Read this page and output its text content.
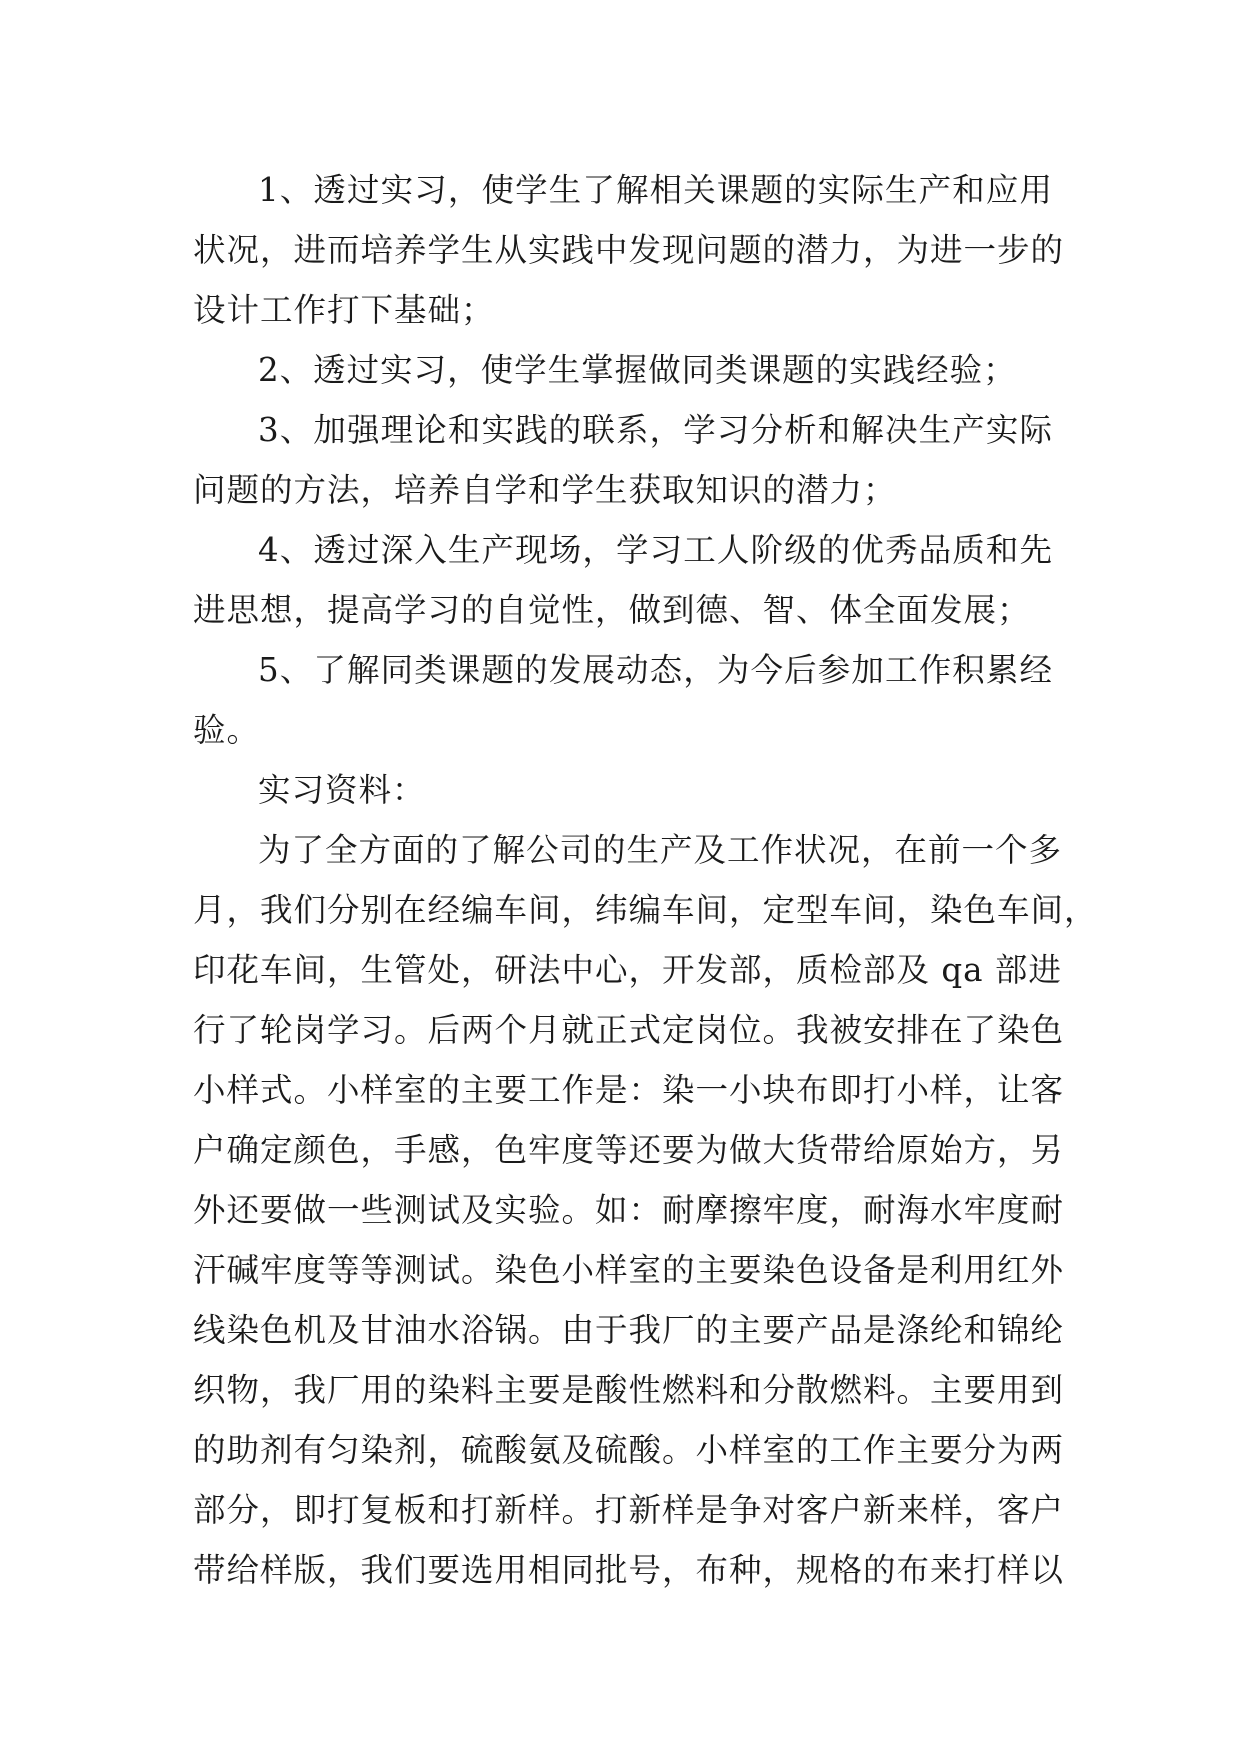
1、透过实习，使学生了解相关课题的实际生产和应用
状况，进而培养学生从实践中发现问题的潜力，为进一步的
设计工作打下基础；

2、透过实习，使学生掌握做同类课题的实践经验；

3、加强理论和实践的联系，学习分析和解决生产实际
问题的方法，培养自学和学生获取知识的潜力；

4、透过深入生产现场，学习工人阶级的优秀品质和先
进思想，提高学习的自觉性，做到德、智、体全面发展；

5、了解同类课题的发展动态，为今后参加工作积累经
验。

实习资料：

为了全方面的了解公司的生产及工作状况，在前一个多
月，我们分别在经编车间，纬编车间，定型车间，染色车间，
印花车间，生管处，研法中心，开发部，质检部及 qa 部进
行了轮岗学习。后两个月就正式定岗位。我被安排在了染色
小样式。小样室的主要工作是：染一小块布即打小样，让客
户确定颜色，手感，色牢度等还要为做大货带给原始方，另
外还要做一些测试及实验。如：耐摩擦牢度，耐海水牢度耐
汗碱牢度等等测试。染色小样室的主要染色设备是利用红外
线染色机及甘油水浴锅。由于我厂的主要产品是涤纶和锦纶
织物，我厂用的染料主要是酸性燃料和分散燃料。主要用到
的助剂有匀染剂，硫酸氨及硫酸。小样室的工作主要分为两
部分，即打复板和打新样。打新样是争对客户新来样，客户
带给样版，我们要选用相同批号，布种，规格的布来打样以
